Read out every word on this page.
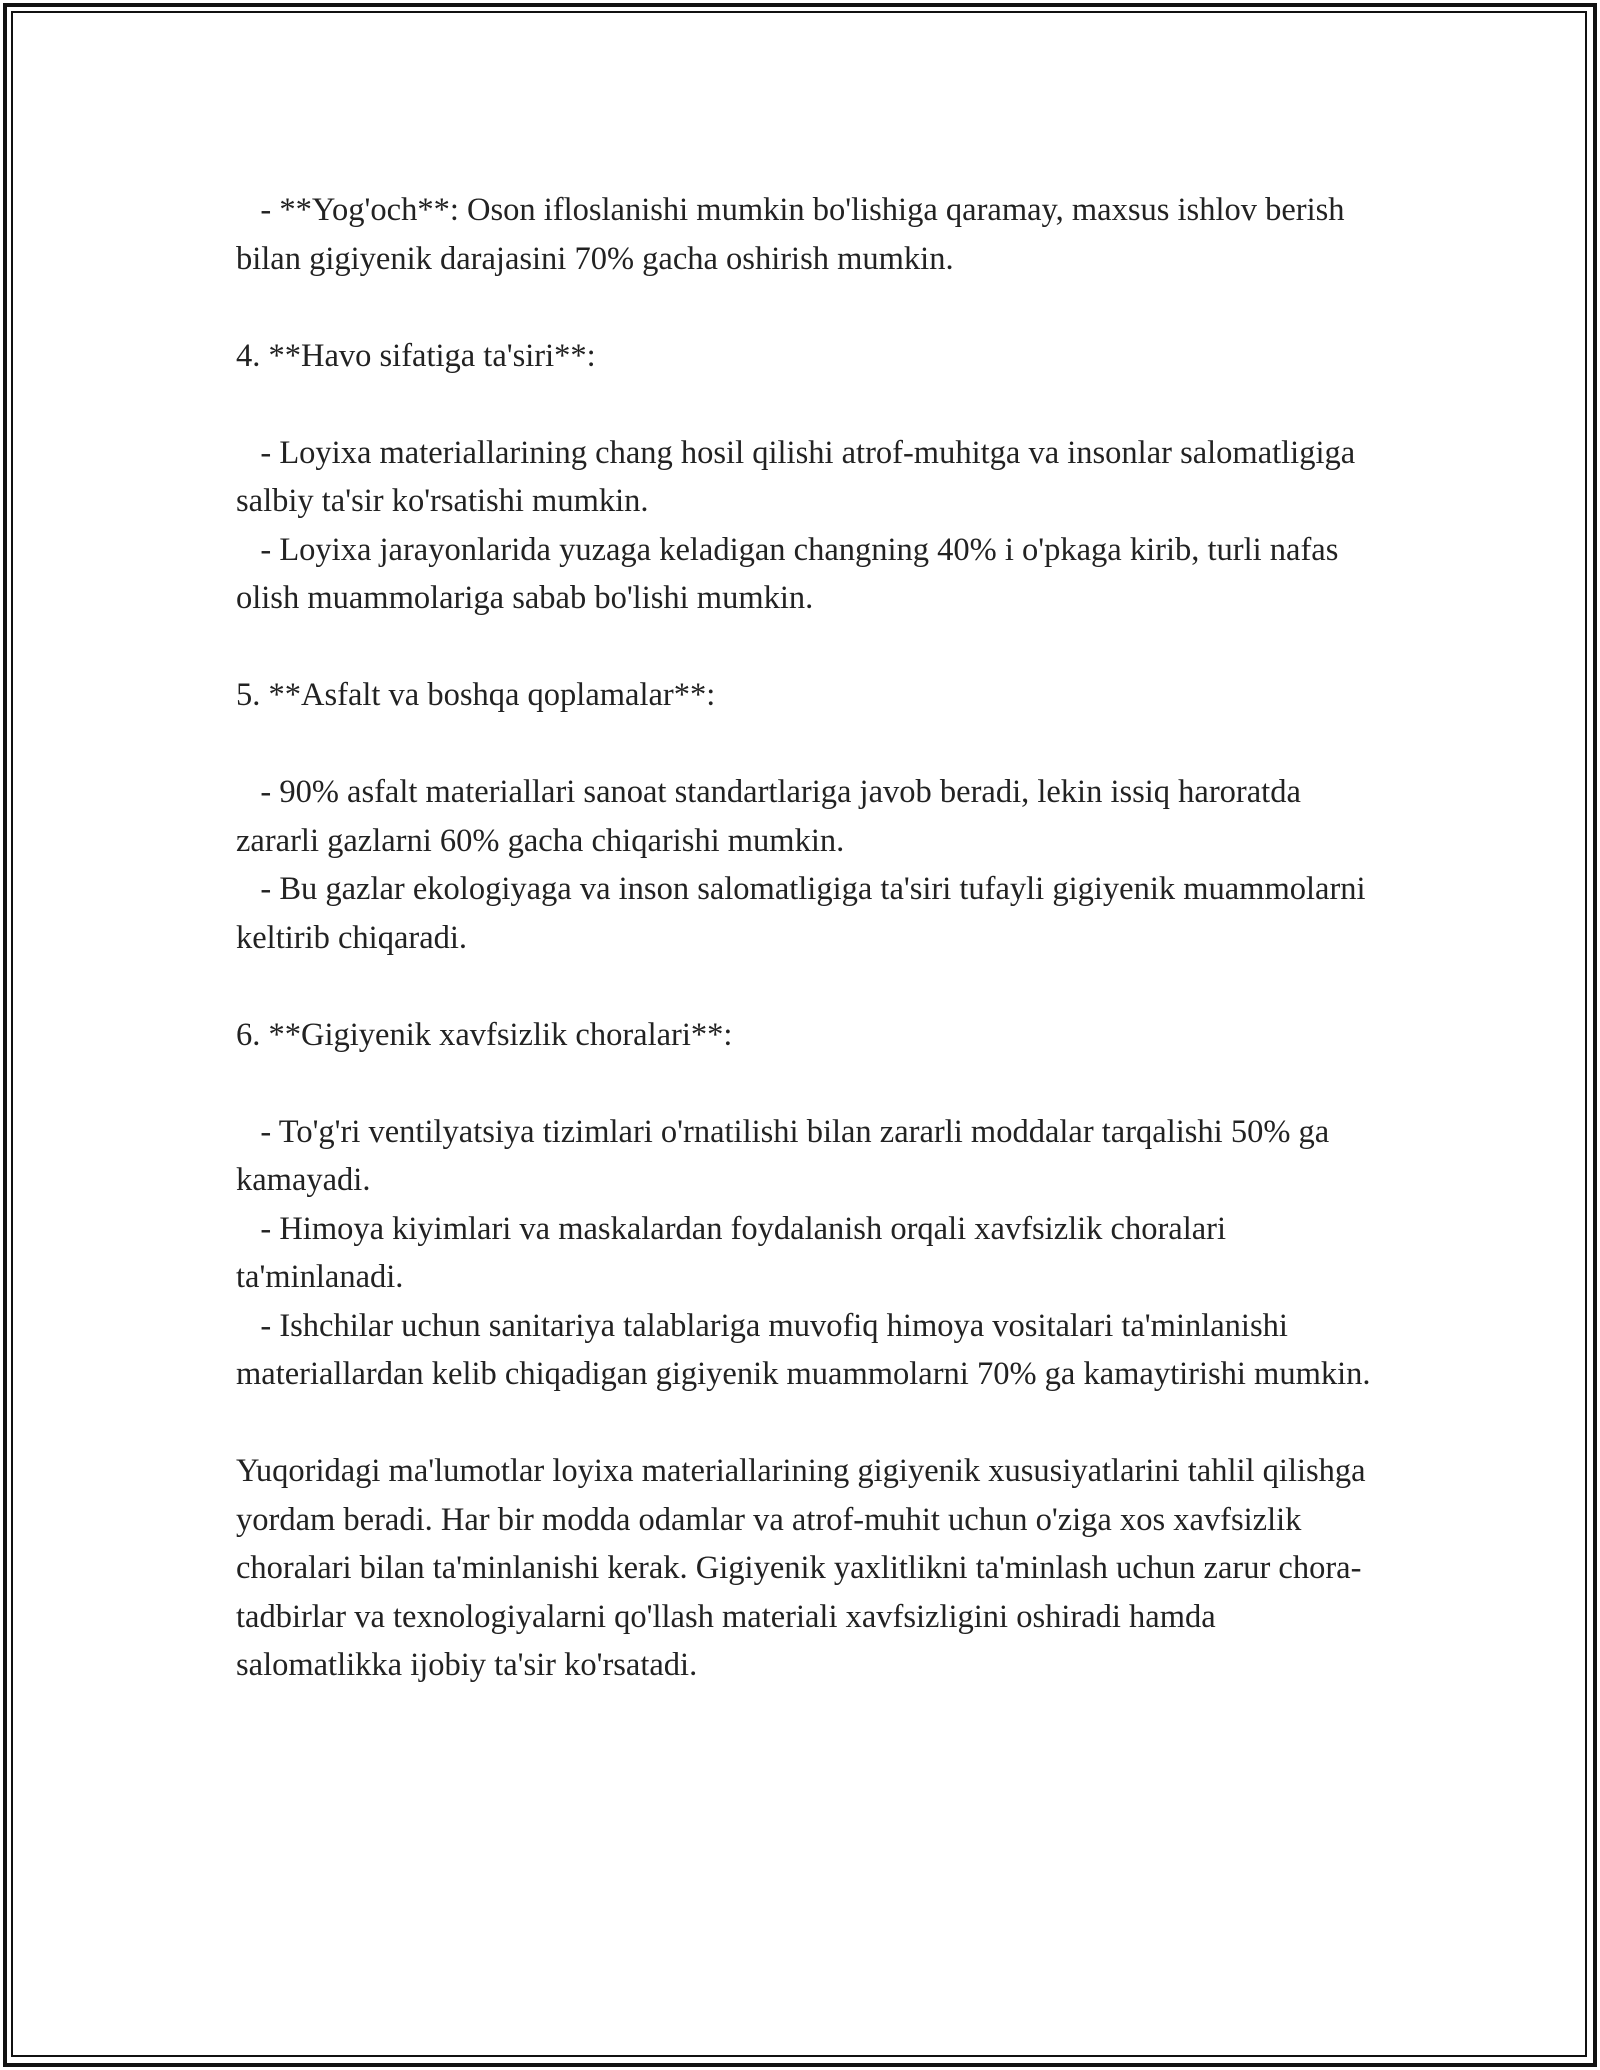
- **Yog'och**: Oson ifloslanishi mumkin bo'lishiga qaramay, maxsus ishlov berish bilan gigiyenik darajasini 70% gacha oshirish mumkin.

4. **Havo sifatiga ta'siri**:

- Loyixa materiallarining chang hosil qilishi atrof-muhitga va insonlar salomatligiga salbiy ta'sir ko'rsatishi mumkin.

- Loyixa jarayonlarida yuzaga keladigan changning 40% i o'pkaga kirib, turli nafas olish muammolariga sabab bo'lishi mumkin.

5. **Asfalt va boshqa qoplamalar**:

- 90% asfalt materiallari sanoat standartlariga javob beradi, lekin issiq haroratda zararli gazlarni 60% gacha chiqarishi mumkin.

- Bu gazlar ekologiyaga va inson salomatligiga ta'siri tufayli gigiyenik muammolarni keltirib chiqaradi.

6. **Gigiyenik xavfsizlik choralari**:

- To'g'ri ventilyatsiya tizimlari o'rnatilishi bilan zararli moddalar tarqalishi 50% ga kamayadi.

- Himoya kiyimlari va maskalardan foydalanish orqali xavfsizlik choralari ta'minlanadi.

- Ishchilar uchun sanitariya talablariga muvofiq himoya vositalari ta'minlanishi materiallardan kelib chiqadigan gigiyenik muammolarni 70% ga kamaytirishi mumkin.

Yuqoridagi ma'lumotlar loyixa materiallarining gigiyenik xususiyatlarini tahlil qilishga yordam beradi. Har bir modda odamlar va atrof-muhit uchun o'ziga xos xavfsizlik choralari bilan ta'minlanishi kerak. Gigiyenik yaxlitlikni ta'minlash uchun zarur chora-tadbirlar va texnologiyalarni qo'llash materiali xavfsizligini oshiradi hamda salomatlikka ijobiy ta'sir ko'rsatadi.
